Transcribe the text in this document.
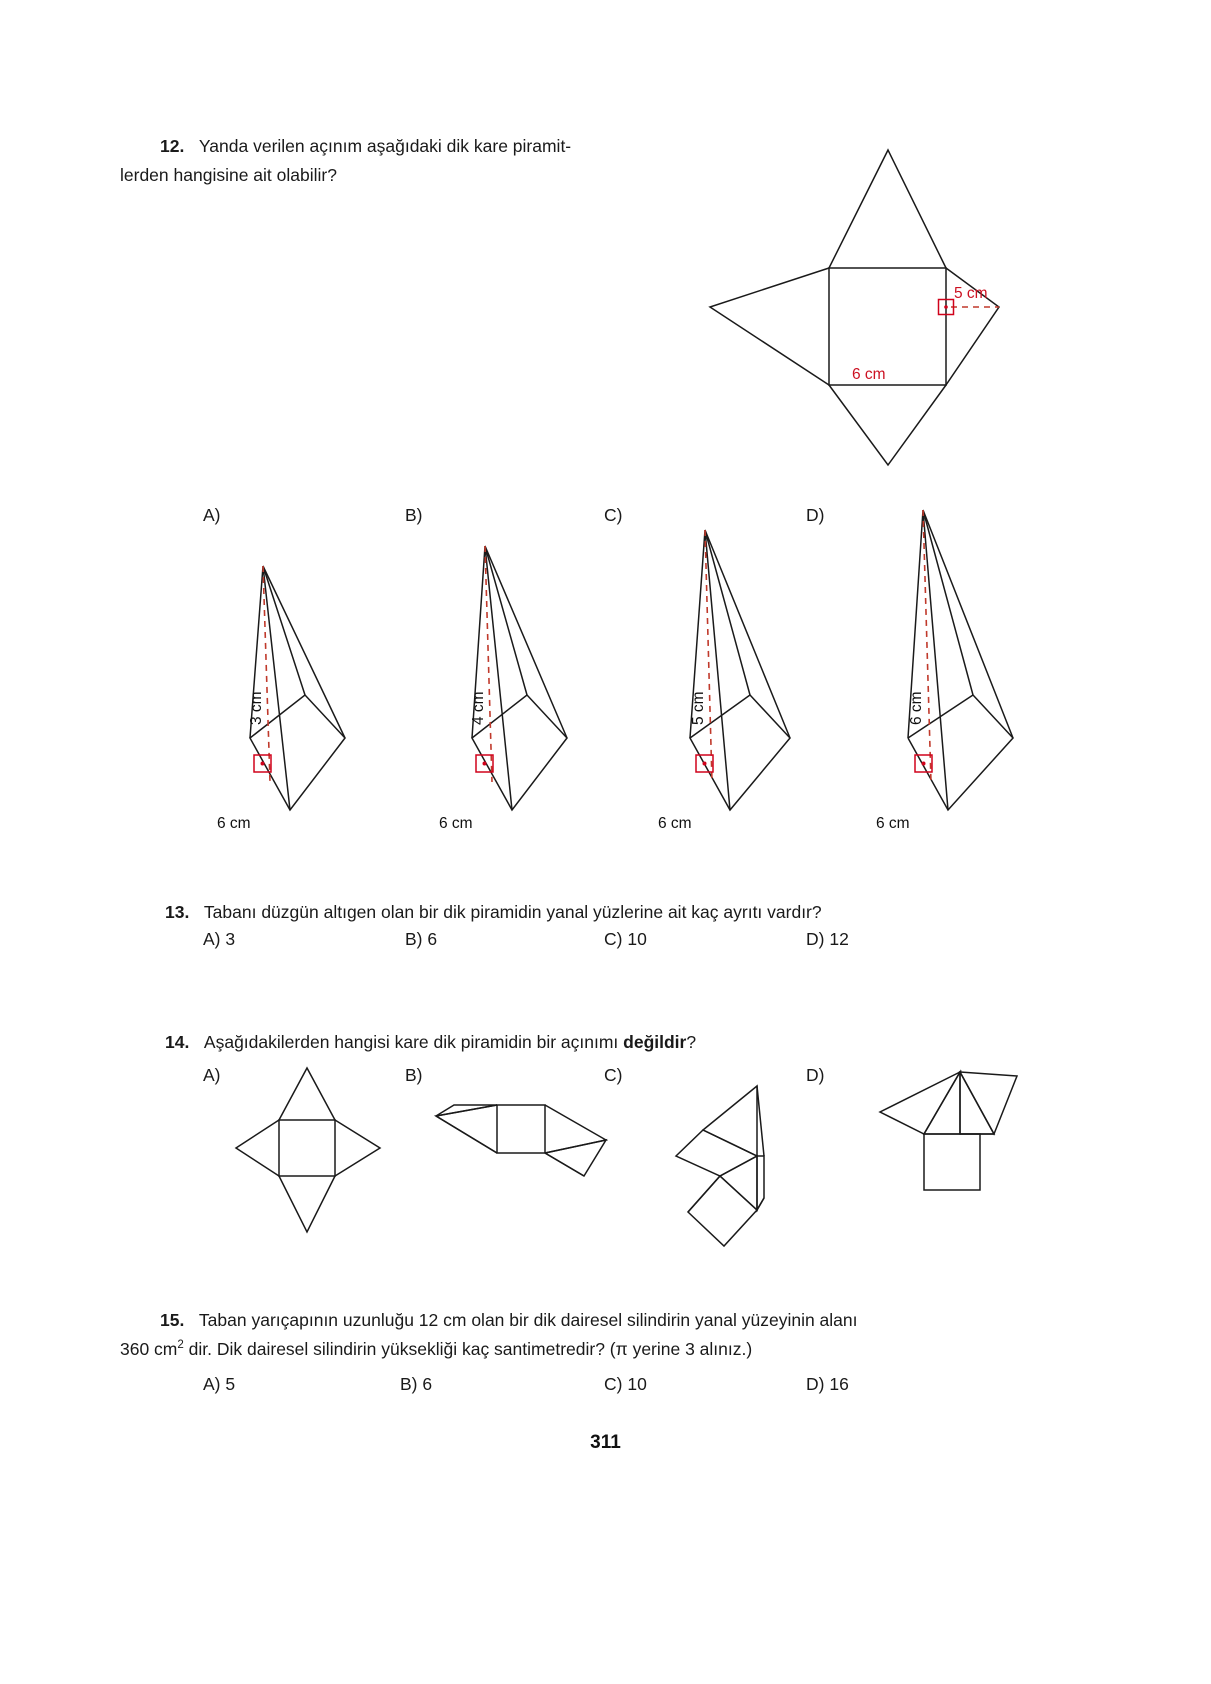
12. Yanda verilen açınım aşağıdaki dik kare piramit-
lerden hangisine ait olabilir?
5 cm
6 cm
A)	B)	C)	D)
3 cm
6 cm
4 cm
6 cm
5 cm
6 cm
6 cm
6 cm
13. Tabanı düzgün altıgen olan bir dik piramidin yanal yüzlerine ait kaç ayrıtı vardır?
A) 3	B) 6	C) 10	D) 12
14. Aşağıdakilerden hangisi kare dik piramidin bir açınımı değildir?
A)	B)	C)	D)
15. Taban yarıçapının uzunluğu 12 cm olan bir dik dairesel silindirin yanal yüzeyinin alanı
360 $cm^2$ dir. Dik dairesel silindirin yüksekliği kaç santimetredir? (π yerine 3 alınız.)
A) 5	B) 6	C) 10	D) 16
311
